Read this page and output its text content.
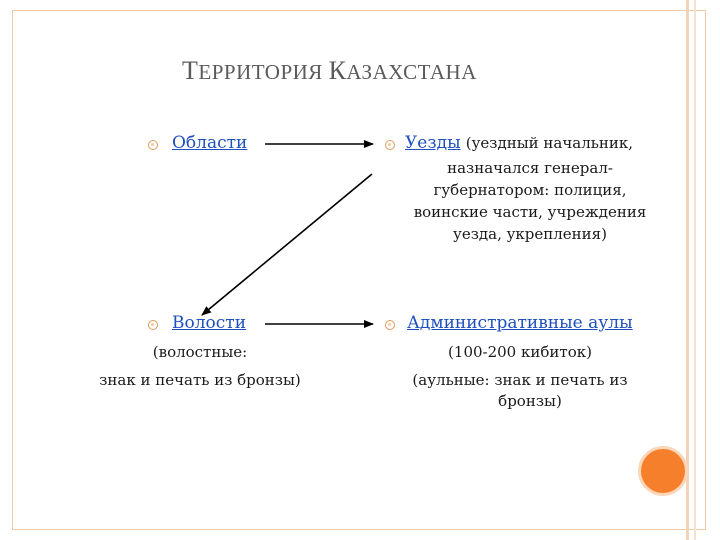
ТЕРРИТОРИЯ КАЗАХСТАНА
Области	Уезды (уездный начальник,
назначался генерал-
губернатором: полиция,
воинские части, учреждения
уезда, укрепления)
Волости
(волостные:
знак и печать из бронзы)
Административные аулы
(100-200 кибиток)
(аульные: знак и печать из
бронзы)
